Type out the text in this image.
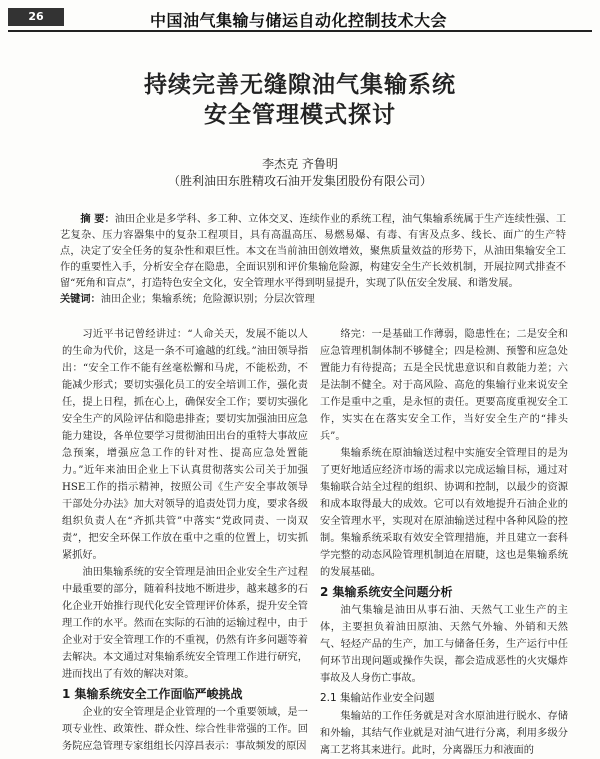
26	中国油气集输与储运自动化控制技术大会
持续完善无缝隙油气集输系统
安全管理模式探讨
李杰克 齐鲁明
（胜利油田东胜精攻石油开发集团股份有限公司）
摘 要：油田企业是多学科、多工种、立体交叉、连续作业的系统工程，油气集输系统属于生产连续性强、工艺复杂、压力容器集中的复杂工程项目，具有高温高压、易燃易爆、有毒、有害及点多、线长、面广的生产特点，决定了安全任务的复杂性和艰巨性。本文在当前油田创效增效，聚焦质量效益的形势下，从油田集输安全工作的重要性入手，分析安全存在隐患，全面识别和评价集输危险源，构建安全生产长效机制，开展拉网式排查不留“死角和盲点”，打造特色安全文化，安全管理水平得到明显提升，实现了队伍安全发展、和谐发展。
关键词：油田企业；集输系统；危险源识别；分层次管理

习近平书记曾经讲过：“人命关天，发展不能以人的生命为代价，这是一条不可逾越的红线。”油田领导指出：“安全工作不能有丝毫松懈和马虎，不能松劲，不能减少形式；要切实强化员工的安全培训工作，强化责任，提上日程，抓在心上，确保安全工作；要切实强化安全生产的风险评估和隐患排查；要切实加强油田应急能力建设，各单位要学习贯彻油田出台的重特大事故应急预案，增强应急工作的针对性、提高应急处置能力。”近年来油田企业上下认真贯彻落实公司关于加强HSE工作的指示精神，按照公司《生产安全事故领导干部处分办法》加大对领导的追责处罚力度，要求各级组织负责人在“齐抓共管”中落实“党政同责、一岗双责”，把安全环保工作放在重中之重的位置上，切实抓紧抓好。

油田集输系统的安全管理是油田企业安全生产过程中最重要的部分，随着科技地不断进步，越来越多的石化企业开始推行现代化安全管理评价体系，提升安全管理工作的水平。然而在实际的石油的运输过程中，由于企业对于安全管理工作的不重视，仍然有许多问题等着去解决。本文通过对集输系统安全管理工作进行研究，进而找出了有效的解决对策。

1 集输系统安全工作面临严峻挑战

企业的安全管理是企业管理的一个重要领域，是一项专业性、政策性、群众性、综合性非常强的工作。回务院应急管理专家组组长闪淳昌表示：事故频发的原因

络完：一是基础工作薄弱，隐患性在；二是安全和应急管理机制体制不够健全；四是检测、预警和应急处置能力有待提高；五是全民忧患意识和自救能力差；六是法制不健全。对于高风险、高危的集输行业来说安全工作是重中之重，是永恒的责任。更要高度重视安全工作，实实在在落实安全工作，当好安全生产的“排头兵”。

集输系统在原油输送过程中实施安全管理目的是为了更好地适应经济市场的需求以完成运输目标，通过对集输联合站全过程的组织、协调和控制，以最少的资源和成本取得最大的成效。它可以有效地提升石油企业的安全管理水平，实现对在原油输送过程中各种风险的控制。集输系统采取有效安全管理措施，并且建立一套科学完整的动态风险管理机制迫在眉睫，这也是集输系统的发展基础。

2 集输系统安全问题分析

油气集输是油田从事石油、天然气工业生产的主体，主要担负着油田原油、天然气外输、外销和天然气、轻烃产品的生产，加工与储备任务，生产运行中任何环节出现问题或操作失误，都会造成恶性的火灾爆炸事故及人身伤亡事故。

2.1 集输站作业安全问题

集输站的工作任务就是对含水原油进行脱水、存储和外输，其结气作业就是对油气进行分离，利用多级分离工艺将其来进行。此时，分离器压力和液面的
